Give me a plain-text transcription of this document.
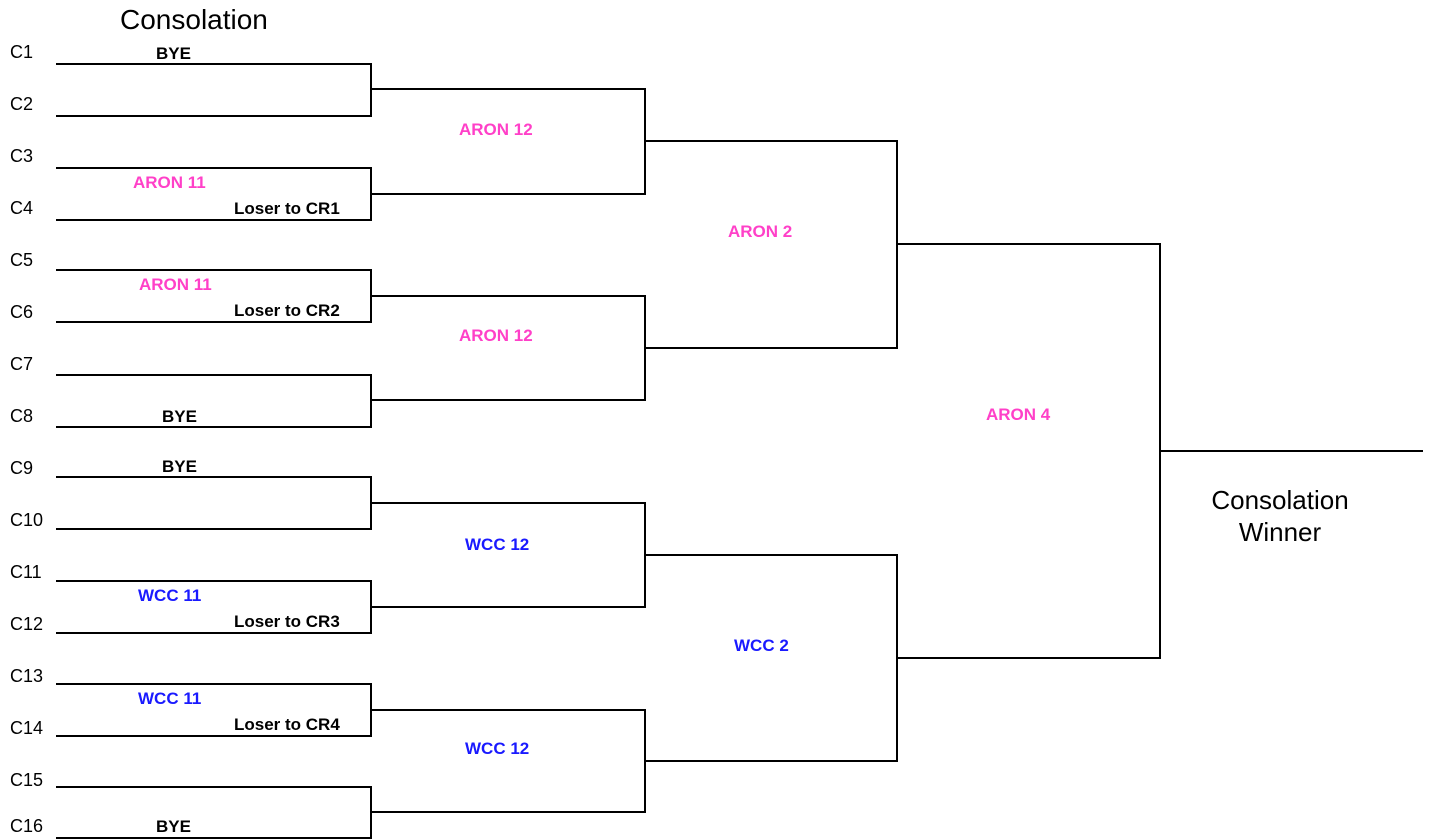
Consolation
C1
C2
C3
C4
C5
C6
C7
C8
C9
C10
C11
C12
C13
C14
C15
C16
BYE
ARON 11
Loser to CR1
ARON 11
Loser to CR2
BYE
BYE
WCC 11
Loser to CR3
WCC 11
Loser to CR4
BYE
ARON 12
ARON 12
WCC 12
WCC 12
ARON 2
WCC 2
ARON 4
Consolation
Winner
